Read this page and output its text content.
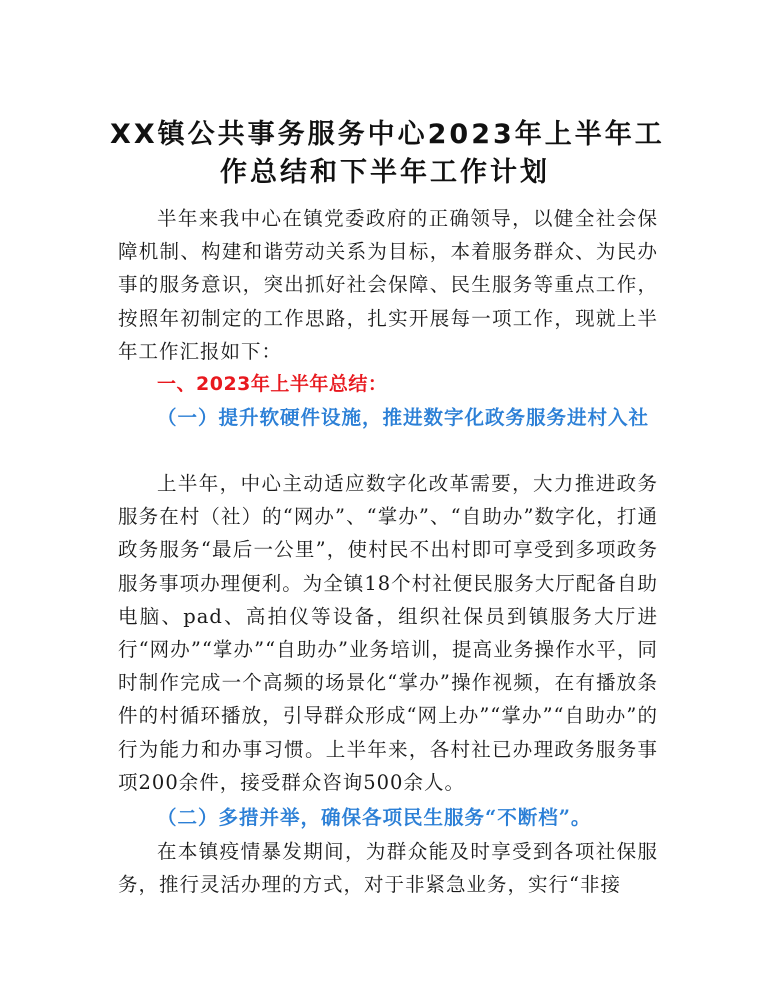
XX镇公共事务服务中心2023年上半年工
作总结和下半年工作计划

半年来我中心在镇党委政府的正确领导，以健全社会保障机制、构建和谐劳动关系为目标，本着服务群众、为民办事的服务意识，突出抓好社会保障、民生服务等重点工作，按照年初制定的工作思路，扎实开展每一项工作，现就上半年工作汇报如下：

一、2023年上半年总结：
（一）提升软硬件设施，推进数字化政务服务进村入社

上半年，中心主动适应数字化改革需要，大力推进政务服务在村（社）的“网办”、“掌办”、“自助办”数字化，打通政务服务“最后一公里”，使村民不出村即可享受到多项政务服务事项办理便利。为全镇18个村社便民服务大厅配备自助电脑、pad、高拍仪等设备，组织社保员到镇服务大厅进行“网办”“掌办”“自助办”业务培训，提高业务操作水平，同时制作完成一个高频的场景化“掌办”操作视频，在有播放条件的村循环播放，引导群众形成“网上办”“掌办”“自助办”的行为能力和办事习惯。上半年来，各村社已办理政务服务事项200余件，接受群众咨询500余人。

（二）多措并举，确保各项民生服务“不断档”。

在本镇疫情暴发期间，为群众能及时享受到各项社保服务，推行灵活办理的方式，对于非紧急业务，实行“非接
